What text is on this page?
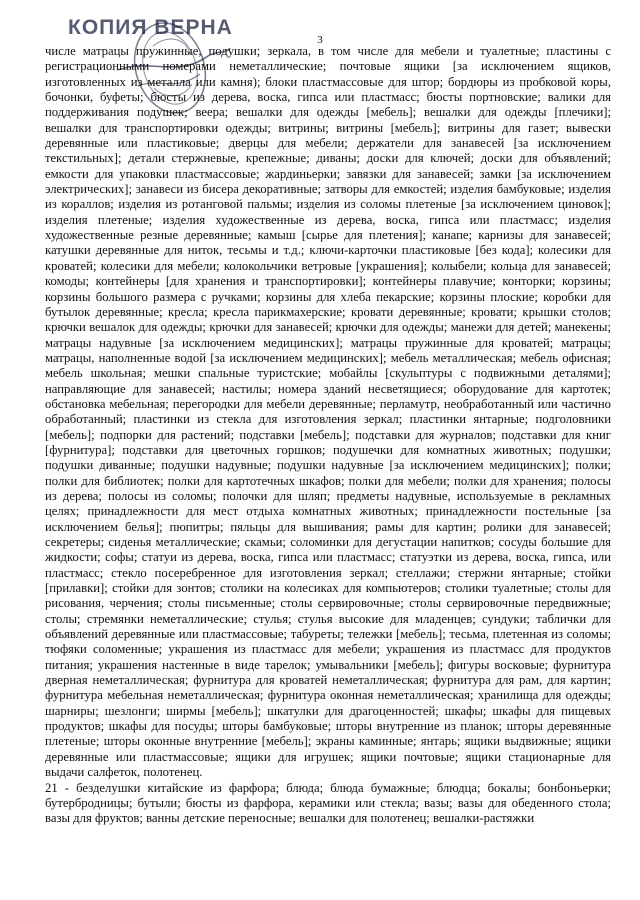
КОПИЯ ВЕРНА
3

числе матрацы пружинные, подушки; зеркала, в том числе для мебели и туалетные; пластины с регистрационными номерами неметаллические; почтовые ящики [за исключением ящиков, изготовленных из металла или камня); блоки пластмассовые для штор; бордюры из пробковой коры, бочонки, буфеты; бюсты из дерева, воска, гипса или пластмасс; бюсты портновские; валики для поддерживания подушек; веера; вешалки для одежды [мебель]; вешалки для одежды [плечики]; вешалки для транспортировки одежды; витрины; витрины [мебель]; витрины для газет; вывески деревянные или пластиковые; дверцы для мебели; держатели для занавесей [за исключением текстильных]; детали стержневые, крепежные; диваны; доски для ключей; доски для объявлений; емкости для упаковки пластмассовые; жардиньерки; завязки для занавесей; замки [за исключением электрических]; занавеси из бисера декоративные; затворы для емкостей; изделия бамбуковые; изделия из кораллов; изделия из ротанговой пальмы; изделия из соломы плетеные [за исключением циновок]; изделия плетеные; изделия художественные из дерева, воска, гипса или пластмасс; изделия художественные резные деревянные; камыш [сырье для плетения]; канапе; карнизы для занавесей; катушки деревянные для ниток, тесьмы и т.д.; ключи-карточки пластиковые [без кода]; колесики для кроватей; колесики для мебели; колокольчики ветровые [украшения]; колыбели; кольца для занавесей; комоды; контейнеры [для хранения и транспортировки]; контейнеры плавучие; конторки; корзины; корзины большого размера с ручками; корзины для хлеба пекарские; корзины плоские; коробки для бутылок деревянные; кресла; кресла парикмахерские; кровати деревянные; кровати; крышки столов; крючки вешалок для одежды; крючки для занавесей; крючки для одежды; манежи для детей; манекены; матрацы надувные [за исключением медицинских]; матрацы пружинные для кроватей; матрацы; матрацы, наполненные водой [за исключением медицинских]; мебель металлическая; мебель офисная; мебель школьная; мешки спальные туристские; мобайлы [скульптуры с подвижными деталями]; направляющие для занавесей; настилы; номера зданий несветящиеся; оборудование для картотек; обстановка мебельная; перегородки для мебели деревянные; перламутр, необработанный или частично обработанный; пластинки из стекла для изготовления зеркал; пластинки янтарные; подголовники [мебель]; подпорки для растений; подставки [мебель]; подставки для журналов; подставки для книг [фурнитура]; подставки для цветочных горшков; подушечки для комнатных животных; подушки; подушки диванные; подушки надувные; подушки надувные [за исключением медицинских]; полки; полки для библиотек; полки для картотечных шкафов; полки для мебели; полки для хранения; полосы из дерева; полосы из соломы; полочки для шляп; предметы надувные, используемые в рекламных целях; принадлежности для мест отдыха комнатных животных; принадлежности постельные [за исключением белья]; пюпитры; пяльцы для вышивания; рамы для картин; ролики для занавесей; секретеры; сиденья металлические; скамьи; соломинки для дегустации напитков; сосуды большие для жидкости; софы; статуи из дерева, воска, гипса или пластмасс; статуэтки из дерева, воска, гипса, или пластмасс; стекло посеребренное для изготовления зеркал; стеллажи; стержни янтарные; стойки [прилавки]; стойки для зонтов; столики на колесиках для компьютеров; столики туалетные; столы для рисования, черчения; столы письменные; столы сервировочные; столы сервировочные передвижные; столы; стремянки неметаллические; стулья; стулья высокие для младенцев; сундуки; таблички для объявлений деревянные или пластмассовые; табуреты; тележки [мебель]; тесьма, плетенная из соломы; тюфяки соломенные; украшения из пластмасс для мебели; украшения из пластмасс для продуктов питания; украшения настенные в виде тарелок; умывальники [мебель]; фигуры восковые; фурнитура дверная неметаллическая; фурнитура для кроватей неметаллическая; фурнитура для рам, для картин; фурнитура мебельная неметаллическая; фурнитура оконная неметаллическая; хранилища для одежды; шарниры; шезлонги; ширмы [мебель]; шкатулки для драгоценностей; шкафы; шкафы для пищевых продуктов; шкафы для посуды; шторы бамбуковые; шторы внутренние из планок; шторы деревянные плетеные; шторы оконные внутренние [мебель]; экраны каминные; янтарь; ящики выдвижные; ящики деревянные или пластмассовые; ящики для игрушек; ящики почтовые; ящики стационарные для выдачи салфеток, полотенец.

21 - безделушки китайские из фарфора; блюда; блюда бумажные; блюдца; бокалы; бонбоньерки; бутербродницы; бутыли; бюсты из фарфора, керамики или стекла; вазы; вазы для обеденного стола; вазы для фруктов; ванны детские переносные; вешалки для полотенец; вешалки-растяжки
